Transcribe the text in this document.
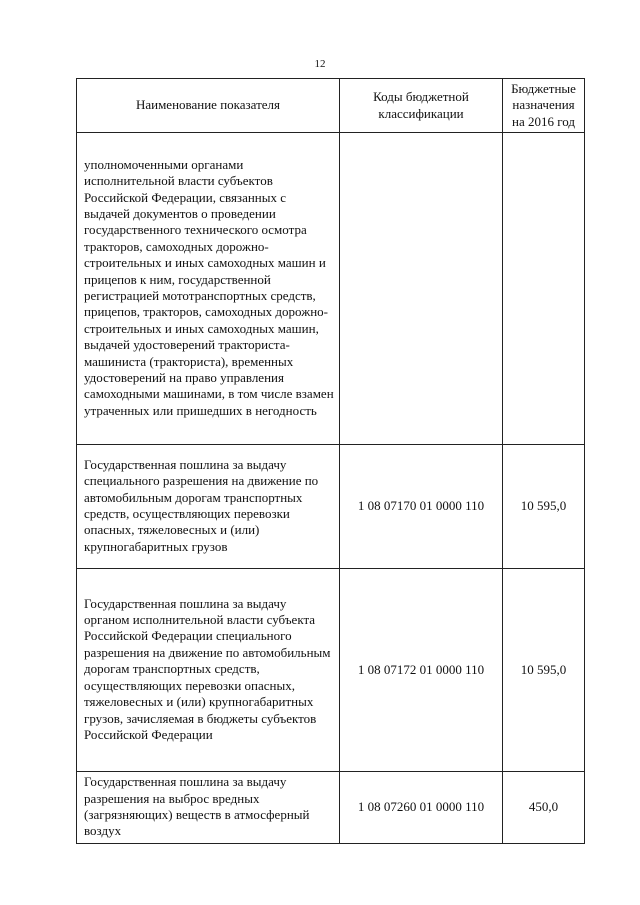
12
Наименование показателя	Коды бюджетной классификации	Бюджетные назначения на 2016 год
уполномоченными органами исполнительной власти субъектов Российской Федерации, связанных с выдачей документов о проведении государственного технического осмотра тракторов, самоходных дорожно-строительных и иных самоходных машин и прицепов к ним, государственной регистрацией мототранспортных средств, прицепов, тракторов, самоходных дорожно-строительных и иных самоходных машин, выдачей удостоверений тракториста-машиниста (тракториста), временных удостоверений на право управления самоходными машинами, в том числе взамен утраченных или пришедших в негодность		
Государственная пошлина за выдачу специального разрешения на движение по автомобильным дорогам транспортных средств, осуществляющих перевозки опасных, тяжеловесных и (или) крупногабаритных грузов	1 08 07170 01 0000 110	10 595,0
Государственная пошлина за выдачу органом исполнительной власти субъекта Российской Федерации специального разрешения на движение по автомобильным дорогам транспортных средств, осуществляющих перевозки опасных, тяжеловесных и (или) крупногабаритных грузов, зачисляемая в бюджеты субъектов Российской Федерации	1 08 07172 01 0000 110	10 595,0
Государственная пошлина за выдачу разрешения на выброс вредных (загрязняющих) веществ в атмосферный воздух	1 08 07260 01 0000 110	450,0
